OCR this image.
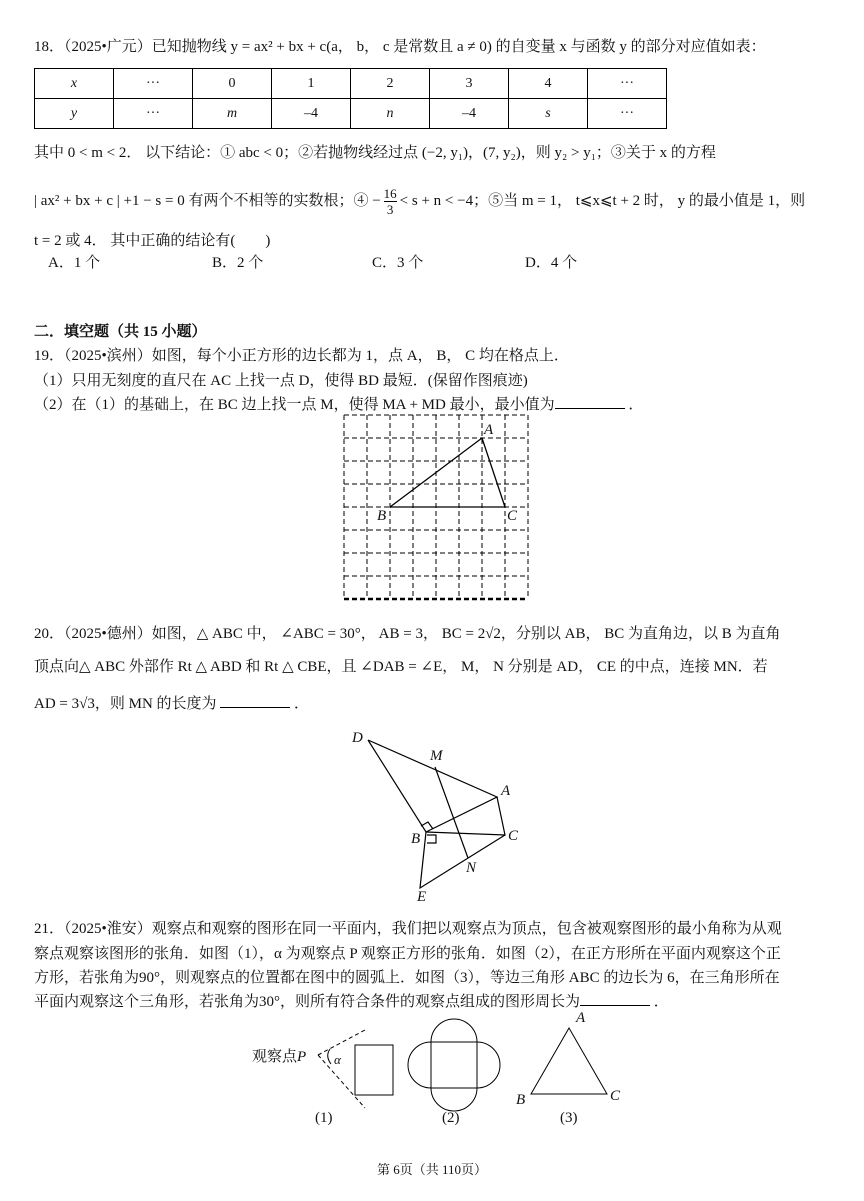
18．（2025•广元）已知抛物线 y = ax² + bx + c(a， b， c 是常数且 a ≠ 0) 的自变量 x 与函数 y 的部分对应值如表：
x	···	0	1	2	3	4	···
y	···	m	–4	n	–4	s	···
其中 0 < m < 2． 以下结论：① abc < 0；②若抛物线经过点 (−2, y₁)，(7, y₂)，则 y₂ > y₁；③关于 x 的方程
| ax² + bx + c | +1 − s = 0 有两个不相等的实数根；④ − $\frac{16}{3} < s + n < -4$；⑤当 m = 1， t⩽x⩽t + 2 时， y 的最小值是 1，则
t = 2 或 4． 其中正确的结论有(　　)
A．1 个	B．2 个	C．3 个	D．4 个
二．填空题（共 15 小题）
19．（2025•滨州）如图，每个小正方形的边长都为 1，点 A， B， C 均在格点上．
（1）只用无刻度的直尺在 AC 上找一点 D，使得 BD 最短．(保留作图痕迹)
（2）在（1）的基础上，在 BC 边上找一点 M，使得 MA + MD 最小，最小值为	．
20．（2025•德州）如图，△ ABC 中， ∠ABC = 30°， AB = 3， BC = 2√2，分别以 AB， BC 为直角边，以 B 为直角
顶点向△ ABC 外部作 Rt △ ABD 和 Rt △ CBE，且 ∠DAB = ∠E， M， N 分别是 AD， CE 的中点，连接 MN．若
AD = 3√3，则 MN 的长度为	．
21．（2025•淮安）观察点和观察的图形在同一平面内，我们把以观察点为顶点，包含被观察图形的最小角称为从观
察点观察该图形的张角．如图（1），α 为观察点 P 观察正方形的张角．如图（2），在正方形所在平面内观察这个正
方形，若张角为90°，则观察点的位置都在图中的圆弧上．如图（3），等边三角形 ABC 的边长为 6，在三角形所在
平面内观察这个三角形，若张角为30°，则所有符合条件的观察点组成的图形周长为	．
A
B	C
D
M
A
B	C
N
E
观察点P α
A
B	C
(1)	(2)	(3)
第 6页（共 110页）
